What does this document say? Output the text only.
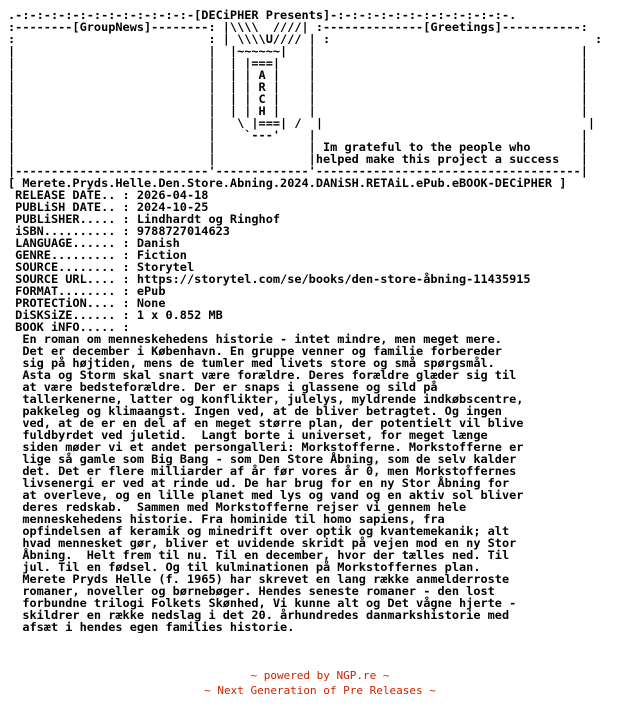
.-:-:-:-:-:-:-:-:-:-:-:-:-[DECiPHER Presents]-:-:-:-:-:-:-:-:-:-:-:-:-.
:--------[GroupNews]--------: |\\\\  ////| :--------------[Greetings]-----------:
:                           : | \\\\U//// | :                                     :
|                           |  |~~~~~~|   |                                     |
|                           |  | |===|    |                                     |
|                           |  | | A |    |                                     |
|                           |  | | R |    |                                     |
|                           |  | | C |    |                                     |
|                           |  | | H |    |                                     |
|                           |   \ |===| /  |                                     |
|                           |    `---'    |                                     |
|                           |             | Im grateful to the people who       |
|                           |             |helped make this project a success   |
|---------------------------'-------------'-------------------------------------|
[ Merete.Pryds.Helle.Den.Store.Abning.2024.DANiSH.RETAiL.ePub.eBOOK-DECiPHER ]
RELEASE DATE.. : 2026-04-18
PUBLiSH DATE.. : 2024-10-25
PUBLiSHER..... : Lindhardt og Ringhof
iSBN.......... : 9788727014623
LANGUAGE...... : Danish
GENRE......... : Fiction
SOURCE........ : Storytel
SOURCE URL.... : https://storytel.com/se/books/den-store-åbning-11435915
FORMAT........ : ePub
PROTECTiON.... : None
DiSKSiZE...... : 1 x 0.852 MB
BOOK iNFO..... :
En roman om menneskehedens historie - intet mindre, men meget mere.
Det er december i København. En gruppe venner og familie forbereder
sig på højtiden, mens de tumler med livets store og små spørgsmål.
Asta og Storm skal snart være forældre. Deres forældre glæder sig til
at være bedsteforældre. Der er snaps i glassene og sild på
tallerkenerne, latter og konflikter, julelys, myldrende indkøbscentre,
pakkeleg og klimaangst. Ingen ved, at de bliver betragtet. Og ingen
ved, at de er en del af en meget større plan, der potentielt vil blive
fuldbyrdet ved juletid.  Langt borte i universet, for meget længe
siden møder vi et andet persongalleri: Morkstofferne. Morkstofferne er
lige så gamle som Big Bang - som Den Store Åbning, som de selv kalder
det. Det er flere milliarder af år før vores år 0, men Morkstoffernes
livsenergi er ved at rinde ud. De har brug for en ny Stor Åbning for
at overleve, og en lille planet med lys og vand og en aktiv sol bliver
deres redskab.  Sammen med Morkstofferne rejser vi gennem hele
menneskehedens historie. Fra hominide til homo sapiens, fra
opfindelsen af keramik og minedrift over optik og kvantemekanik; alt
hvad mennesket gør, bliver et uvidende skridt på vejen mod en ny Stor
Åbning.  Helt frem til nu. Til en december, hvor der tælles ned. Til
jul. Til en fødsel. Og til kulminationen på Morkstoffernes plan.
Merete Pryds Helle (f. 1965) har skrevet en lang række anmelderroste
romaner, noveller og børnebøger. Hendes seneste romaner - den lost
forbundne trilogi Folkets Skønhed, Vi kunne alt og Det vågne hjerte -
skildrer en række nedslag i det 20. århundredes danmarkshistorie med
afsæt i hendes egen families historie.
~ powered by NGP.re ~
~ Next Generation of Pre Releases ~
